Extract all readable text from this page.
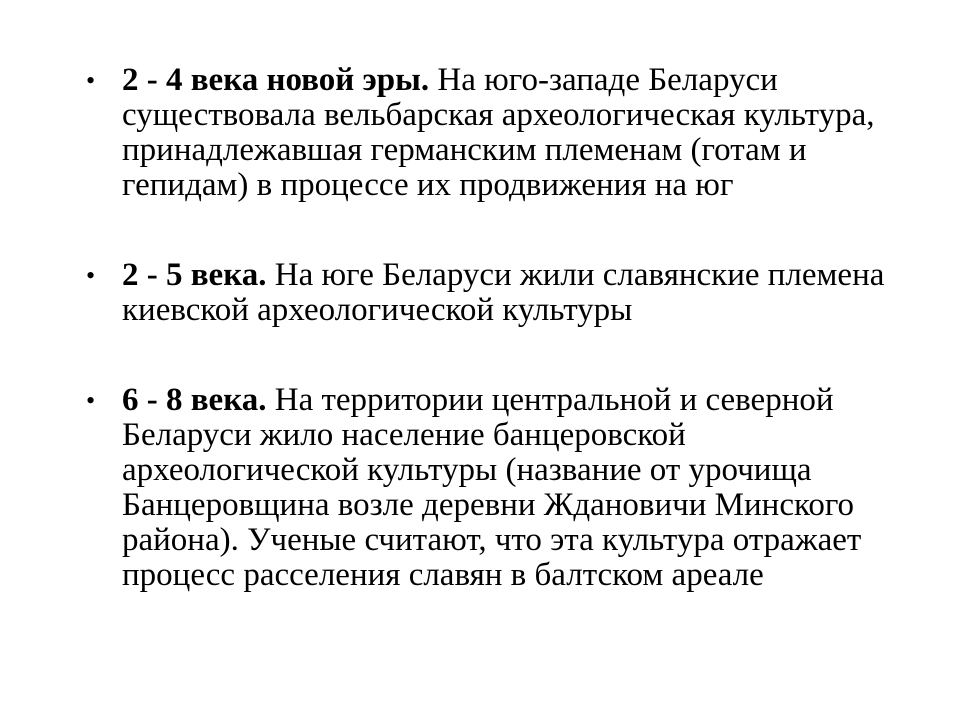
• 2 - 4 века новой эры. На юго-западе Беларуси существовала вельбарская археологическая культура, принадлежавшая германским племенам (готам и гепидам) в процессе их продвижения на юг
• 2 - 5 века. На юге Беларуси жили славянские племена киевской археологической культуры
• 6 - 8 века. На территории центральной и северной Беларуси жило население банцеровской археологической культуры (название от урочища Банцеровщина возле деревни Ждановичи Минского района). Ученые считают, что эта культура отражает процесс расселения славян в балтском ареале
